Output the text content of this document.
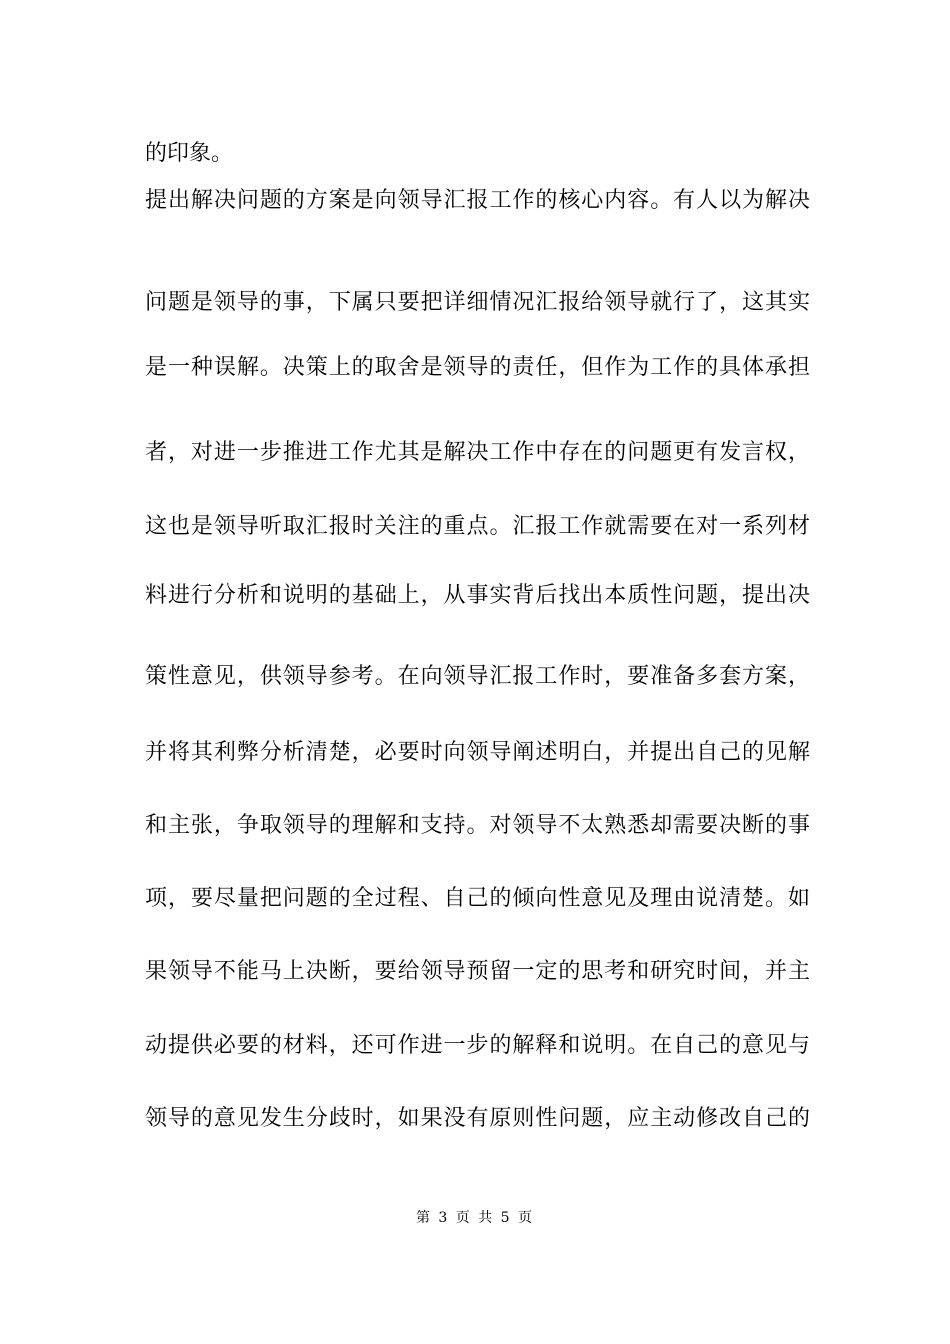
的印象。
提出解决问题的方案是向领导汇报工作的核心内容。有人以为解决
问题是领导的事，下属只要把详细情况汇报给领导就行了，这其实
是一种误解。决策上的取舍是领导的责任，但作为工作的具体承担
者，对进一步推进工作尤其是解决工作中存在的问题更有发言权，
这也是领导听取汇报时关注的重点。汇报工作就需要在对一系列材
料进行分析和说明的基础上，从事实背后找出本质性问题，提出决
策性意见，供领导参考。在向领导汇报工作时，要准备多套方案，
并将其利弊分析清楚，必要时向领导阐述明白，并提出自己的见解
和主张，争取领导的理解和支持。对领导不太熟悉却需要决断的事
项，要尽量把问题的全过程、自己的倾向性意见及理由说清楚。如
果领导不能马上决断，要给领导预留一定的思考和研究时间，并主
动提供必要的材料，还可作进一步的解释和说明。在自己的意见与
领导的意见发生分歧时，如果没有原则性问题，应主动修改自己的
第 3 页 共 5 页
